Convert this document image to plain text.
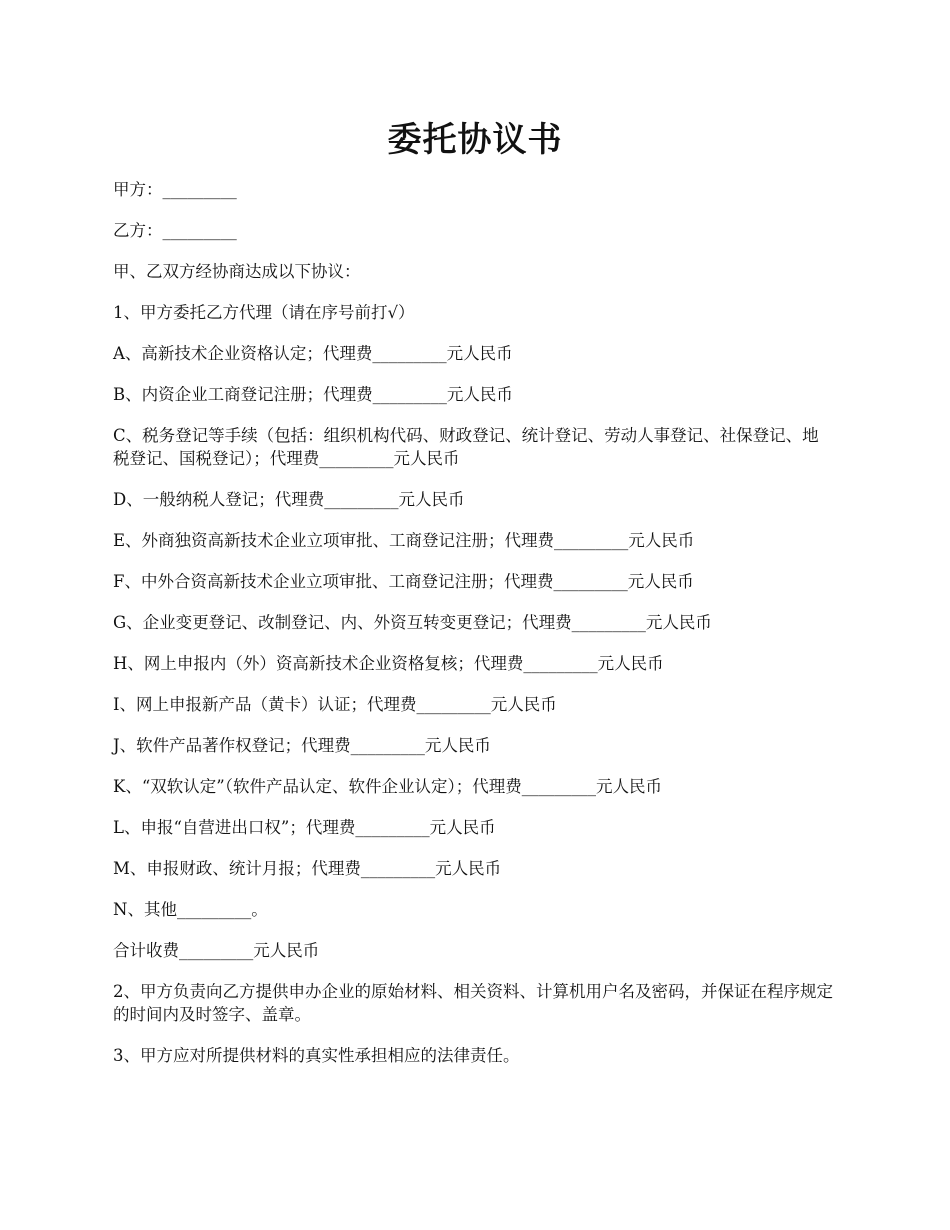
委托协议书

甲方：_________

乙方：_________

甲、乙双方经协商达成以下协议：

1、甲方委托乙方代理（请在序号前打√）

A、高新技术企业资格认定；代理费_________元人民币

B、内资企业工商登记注册；代理费_________元人民币

C、税务登记等手续（包括：组织机构代码、财政登记、统计登记、劳动人事登记、社保登记、地税登记、国税登记）；代理费_________元人民币

D、一般纳税人登记；代理费_________元人民币

E、外商独资高新技术企业立项审批、工商登记注册；代理费_________元人民币

F、中外合资高新技术企业立项审批、工商登记注册；代理费_________元人民币

G、企业变更登记、改制登记、内、外资互转变更登记；代理费_________元人民币

H、网上申报内（外）资高新技术企业资格复核；代理费_________元人民币

I、网上申报新产品（黄卡）认证；代理费_________元人民币

J、软件产品著作权登记；代理费_________元人民币

K、“双软认定”（软件产品认定、软件企业认定）；代理费_________元人民币

L、申报“自营进出口权”；代理费_________元人民币

M、申报财政、统计月报；代理费_________元人民币

N、其他_________。

合计收费_________元人民币

2、甲方负责向乙方提供申办企业的原始材料、相关资料、计算机用户名及密码，并保证在程序规定的时间内及时签字、盖章。

3、甲方应对所提供材料的真实性承担相应的法律责任。
